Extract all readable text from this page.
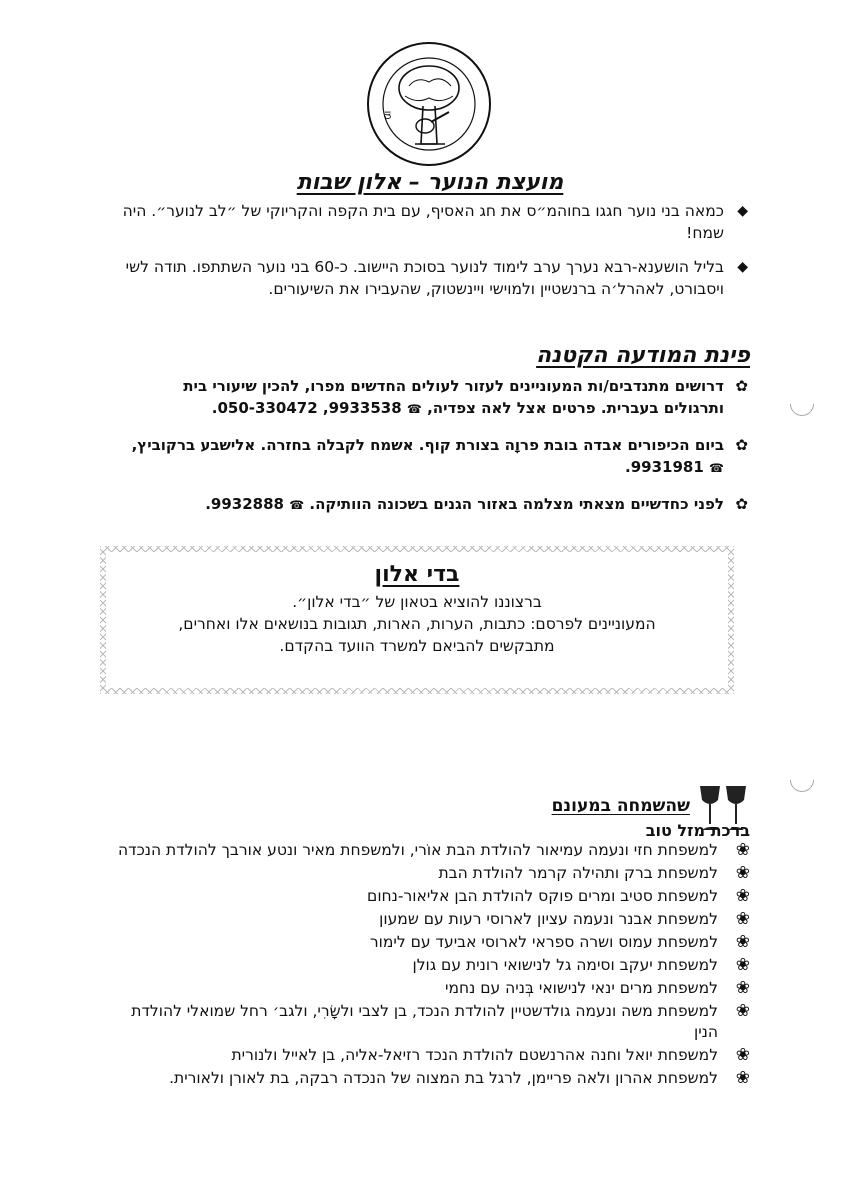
מו
מועצת הנוער – אלון שבות
◆
כמאה בני נוער חגגו בחוהמ״ס את חג האסיף, עם בית הקפה והקריוקי של ״לב לנוער״. היה שמח!
◆
בליל הושענא-רבא נערך ערב לימוד לנוער בסוכת היישוב. כ-60 בני נוער השתתפו. תודה לשי ויסבורט, לאהרל׳ה ברנשטיין ולמוישי ויינשטוק, שהעבירו את השיעורים.
פינת המודעה הקטנה
✿
דרושים מתנדבים/ות המעוניינים לעזור לעולים החדשים מפרו, להכין שיעורי בית ותרגולים בעברית. פרטים אצל לאה צפדיה, ☎ 9933538, 050-330472.
✿
ביום הכיפורים אבדה בובת פרוָה בצורת קוף. אשמח לקבלה בחזרה. אלישבע ברקוביץ, ☎ 9931981.
✿
לפני כחדשיים מצאתי מצלמה באזור הגנים בשכונה הוותיקה. ☎ 9932888.
בדי אלון

ברצוננו להוציא בטאון של ״בדי אלון״.

המעוניינים לפרסם: כתבות, הערות, הארות, תגובות בנושאים אלו ואחרים,

מתבקשים להביאם למשרד הוועד בהקדם.

שהשמחה במעונם

ברכת מזל טוב

❀
למשפחת חזי ונעמה עמיאור להולדת הבת אוֹרי, ולמשפחת מאיר ונטע אורבך להולדת הנכדה
❀
למשפחת ברק ותהילה קרמר להולדת הבת
❀
למשפחת סטיב ומרים פוקס להולדת הבן אליאור-נחום
❀
למשפחת אבנר ונעמה עציון לארוסי רעות עם שמעון
❀
למשפחת עמוס ושרה ספראי לארוסי אביעד עם לימור
❀
למשפחת יעקב וסימה גל לנישואי רונית עם גולן
❀
למשפחת מרים ינאי לנישואי בְּניה עם נחמי
❀
למשפחת משה ונעמה גולדשטיין להולדת הנכד, בן לצבי ולשָׂרִי, ולגב׳ רחל שמואלי להולדת הנין
❀
למשפחת יואל וחנה אהרנשטם להולדת הנכד רזיאל-אליה, בן לאייל ולנורית
❀
למשפחת אהרון ולאה פריימן, לרגל בת המצוה של הנכדה רבקה, בת לאורן ולאורית.
